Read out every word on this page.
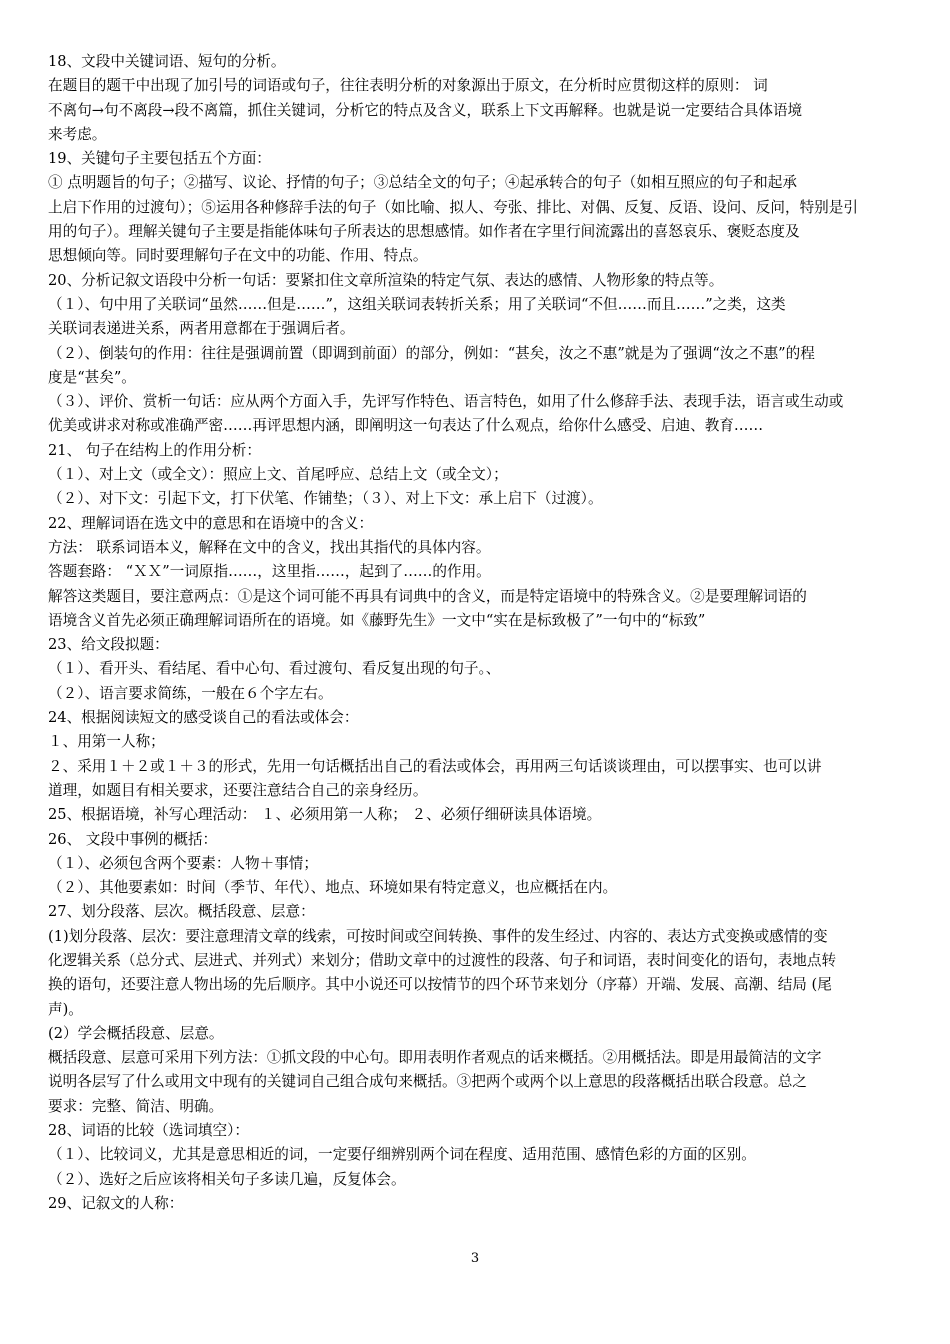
18、文段中关键词语、短句的分析。
在题目的题干中出现了加引号的词语或句子，往往表明分析的对象源出于原文，在分析时应贯彻这样的原则： 词
不离句→句不离段→段不离篇，抓住关键词，分析它的特点及含义，联系上下文再解释。也就是说一定要结合具体语境
来考虑。
19、关键句子主要包括五个方面：
① 点明题旨的句子；②描写、议论、抒情的句子；③总结全文的句子；④起承转合的句子（如相互照应的句子和起承
上启下作用的过渡句）；⑤运用各种修辞手法的句子（如比喻、拟人、夸张、排比、对偶、反复、反语、设问、反问，特别是引
用的句子）。理解关键句子主要是指能体味句子所表达的思想感情。如作者在字里行间流露出的喜怒哀乐、褒贬态度及
思想倾向等。同时要理解句子在文中的功能、作用、特点。
20、分析记叙文语段中分析一句话：要紧扣住文章所渲染的特定气氛、表达的感情、人物形象的特点等。
（１）、句中用了关联词“虽然……但是……”，这组关联词表转折关系；用了关联词“不但……而且……”之类，这类
关联词表递进关系，两者用意都在于强调后者。
（２）、倒装句的作用：往往是强调前置（即调到前面）的部分，例如：“甚矣，汝之不惠”就是为了强调“汝之不惠”的程
度是“甚矣”。
（３）、评价、赏析一句话：应从两个方面入手，先评写作特色、语言特色，如用了什么修辞手法、表现手法，语言或生动或
优美或讲求对称或准确严密……再评思想内涵，即阐明这一句表达了什么观点，给你什么感受、启迪、教育……
21、 句子在结构上的作用分析：
（１）、对上文（或全文）：照应上文、首尾呼应、总结上文（或全文）；
（２）、对下文：引起下文，打下伏笔、作铺垫；（３）、对上下文：承上启下（过渡）。
22、理解词语在选文中的意思和在语境中的含义：
方法： 联系词语本义，解释在文中的含义，找出其指代的具体内容。
答题套路： “ＸＸ”一词原指……，这里指……，起到了……的作用。
解答这类题目，要注意两点：①是这个词可能不再具有词典中的含义，而是特定语境中的特殊含义。②是要理解词语的
语境含义首先必须正确理解词语所在的语境。如《藤野先生》一文中“实在是标致极了”一句中的“标致”
23、给文段拟题：
（１）、看开头、看结尾、看中心句、看过渡句、看反复出现的句子。、
（２）、语言要求简练，一般在６个字左右。
24、根据阅读短文的感受谈自己的看法或体会：
１、用第一人称；
２、采用１＋２或１＋３的形式，先用一句话概括出自己的看法或体会，再用两三句话谈谈理由，可以摆事实、也可以讲
道理，如题目有相关要求，还要注意结合自己的亲身经历。
25、根据语境，补写心理活动： １、必须用第一人称； ２、必须仔细研读具体语境。
26、 文段中事例的概括：
（１）、必须包含两个要素：人物＋事情；
（２）、其他要素如：时间（季节、年代）、地点、环境如果有特定意义，也应概括在内。
27、划分段落、层次。概括段意、层意：
(1)划分段落、层次：要注意理清文章的线索，可按时间或空间转换、事件的发生经过、内容的、表达方式变换或感情的变
化逻辑关系（总分式、层进式、并列式）来划分；借助文章中的过渡性的段落、句子和词语，表时间变化的语句，表地点转
换的语句，还要注意人物出场的先后顺序。其中小说还可以按情节的四个环节来划分（序幕）开端、发展、高潮、结局 (尾
声)。
(2）学会概括段意、层意。
概括段意、层意可采用下列方法：①抓文段的中心句。即用表明作者观点的话来概括。②用概括法。即是用最简洁的文字
说明各层写了什么或用文中现有的关键词自己组合成句来概括。③把两个或两个以上意思的段落概括出联合段意。总之
要求：完整、简洁、明确。
28、词语的比较（选词填空）：
（１）、比较词义，尤其是意思相近的词，一定要仔细辨别两个词在程度、适用范围、感情色彩的方面的区别。
（２）、选好之后应该将相关句子多读几遍，反复体会。
29、记叙文的人称：
3
